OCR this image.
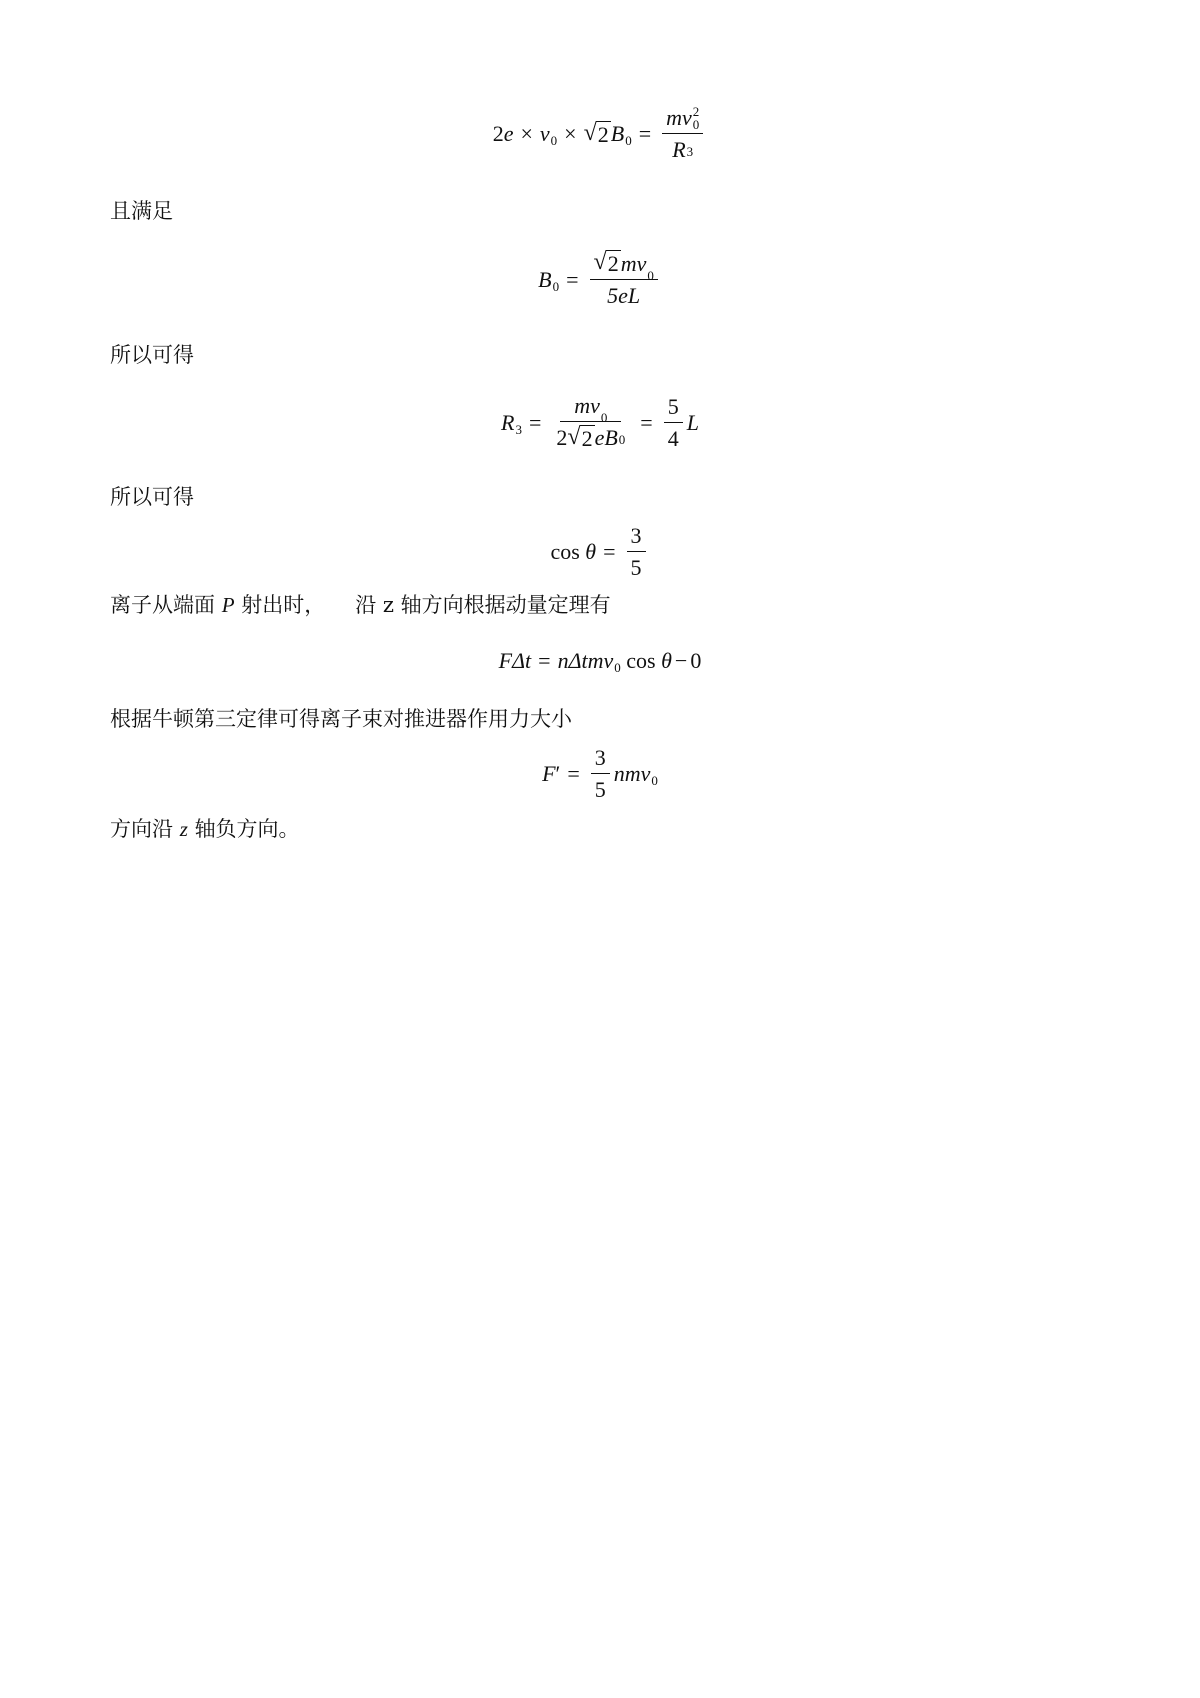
2 e × v 0 × √ 2 B 0 = m v 2
0
R 3
且满足
B $0 = \frac{√ 2 mv 0}{5eL}$
所以可得
R $3 = \frac{mv 0}{2 √ 2 eB 0} = \frac{5}{4}$ L
所以可得
cos
$\theta = \frac{3}{5}$
离子从端面 P 射出时， 沿 z 轴方向根据动量定理有
F Δt = n Δtm v 0
cos
θ − 0
根据牛顿第三定律可得离子束对推进器作用力大小
F ′ = $\frac{3}{5}$ nm v 0
方向沿 z 轴负方向。
